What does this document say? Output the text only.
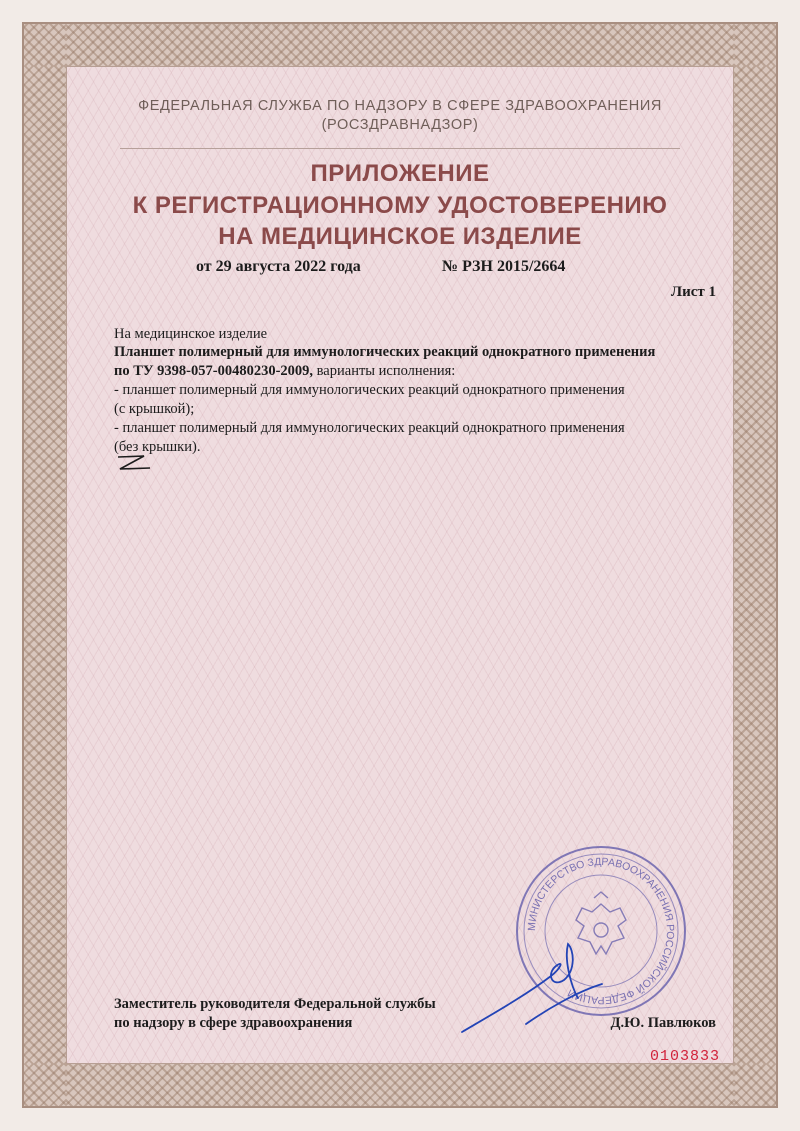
ФЕДЕРАЛЬНАЯ СЛУЖБА ПО НАДЗОРУ В СФЕРЕ ЗДРАВООХРАНЕНИЯ
(РОСЗДРАВНАДЗОР)
ПРИЛОЖЕНИЕ
К РЕГИСТРАЦИОННОМУ УДОСТОВЕРЕНИЮ
НА МЕДИЦИНСКОЕ ИЗДЕЛИЕ
от 29 августа 2022 года	№ РЗН 2015/2664
Лист 1
На медицинское изделие
Планшет полимерный для иммунологических реакций однократного применения
по ТУ 9398-057-00480230-2009, варианты исполнения:
- планшет полимерный для иммунологических реакций однократного применения
(с крышкой);
- планшет полимерный для иммунологических реакций однократного применения
(без крышки).
МИНИСТЕРСТВО ЗДРАВООХРАНЕНИЯ РОССИЙСКОЙ ФЕДЕРАЦИИ
Заместитель руководителя Федеральной службы
по надзору в сфере здравоохранения	Д.Ю. Павлюков
0103833
